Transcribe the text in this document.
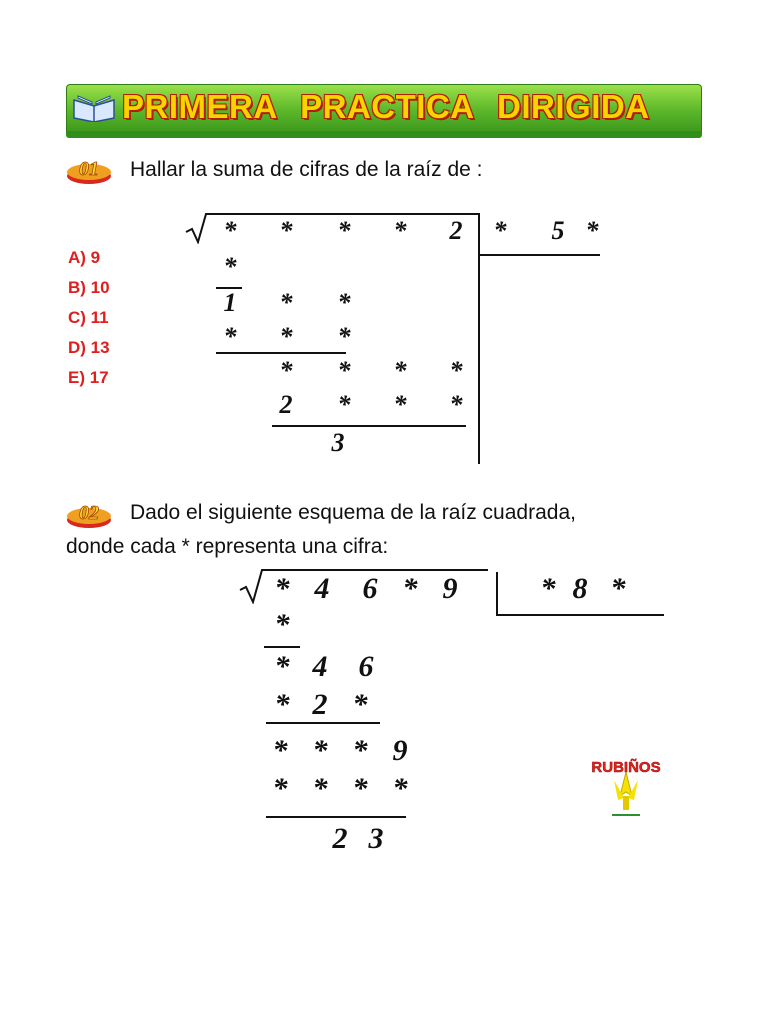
PRIMERA PRACTICA DIRIGIDA
01 Hallar la suma de cifras de la raíz de :
A) 9
B) 10
C) 11
D) 13
E) 17
* * * * 2 * 5 *
*
1 * *
* * *
* * * *
2 * * *
3
02 Dado el siguiente esquema de la raíz cuadrada,
donde cada * representa una cifra:
* 4 6 * 9	* 8 *
*
* 4 6
* 2 *
* * * 9
* * * *
2 3
RUBIÑOS
